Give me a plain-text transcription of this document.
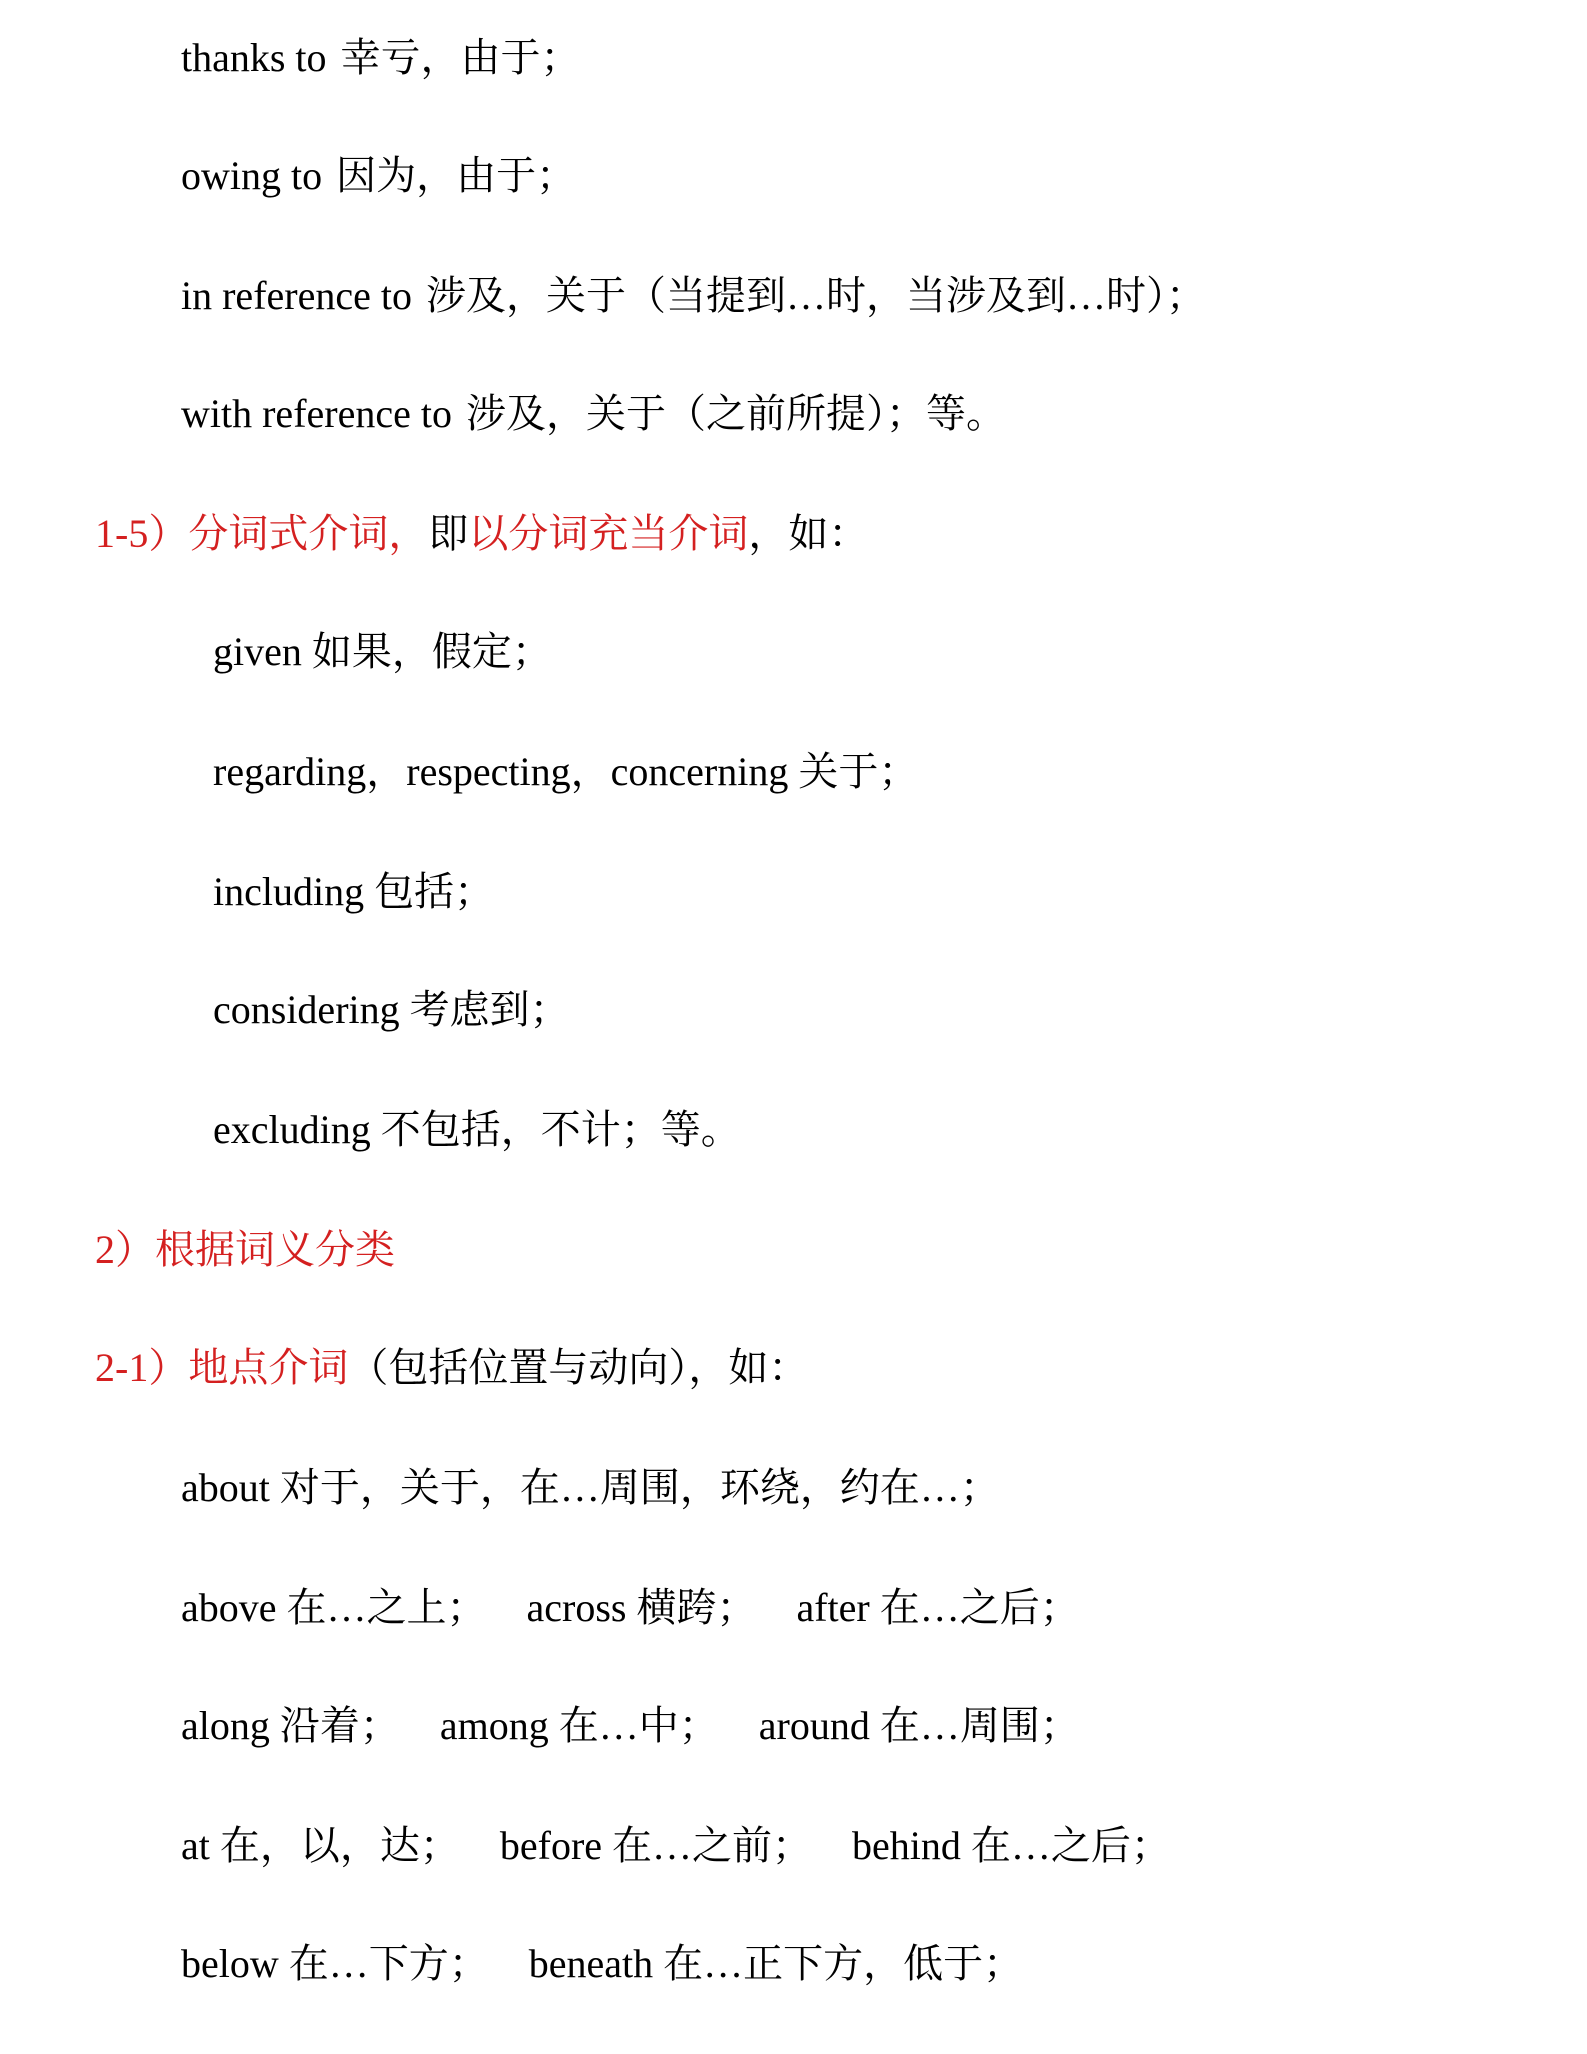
thanks to 幸亏，由于；
owing to 因为，由于；
in reference to 涉及，关于（当提到…时，当涉及到…时）；
with reference to 涉及，关于（之前所提）；等。
1-5）分词式介词，即以分词充当介词，如：
given 如果，假定；
regarding，respecting，concerning 关于；
including 包括；
considering 考虑到；
excluding 不包括，不计；等。
2）根据词义分类
2-1）地点介词（包括位置与动向），如：
about 对于，关于，在…周围，环绕，约在…；
above 在…之上； across 横跨； after 在…之后；
along 沿着； among 在…中； around 在…周围；
at 在，以，达； before 在…之前； behind 在…之后；
below 在…下方； beneath 在…正下方，低于；
